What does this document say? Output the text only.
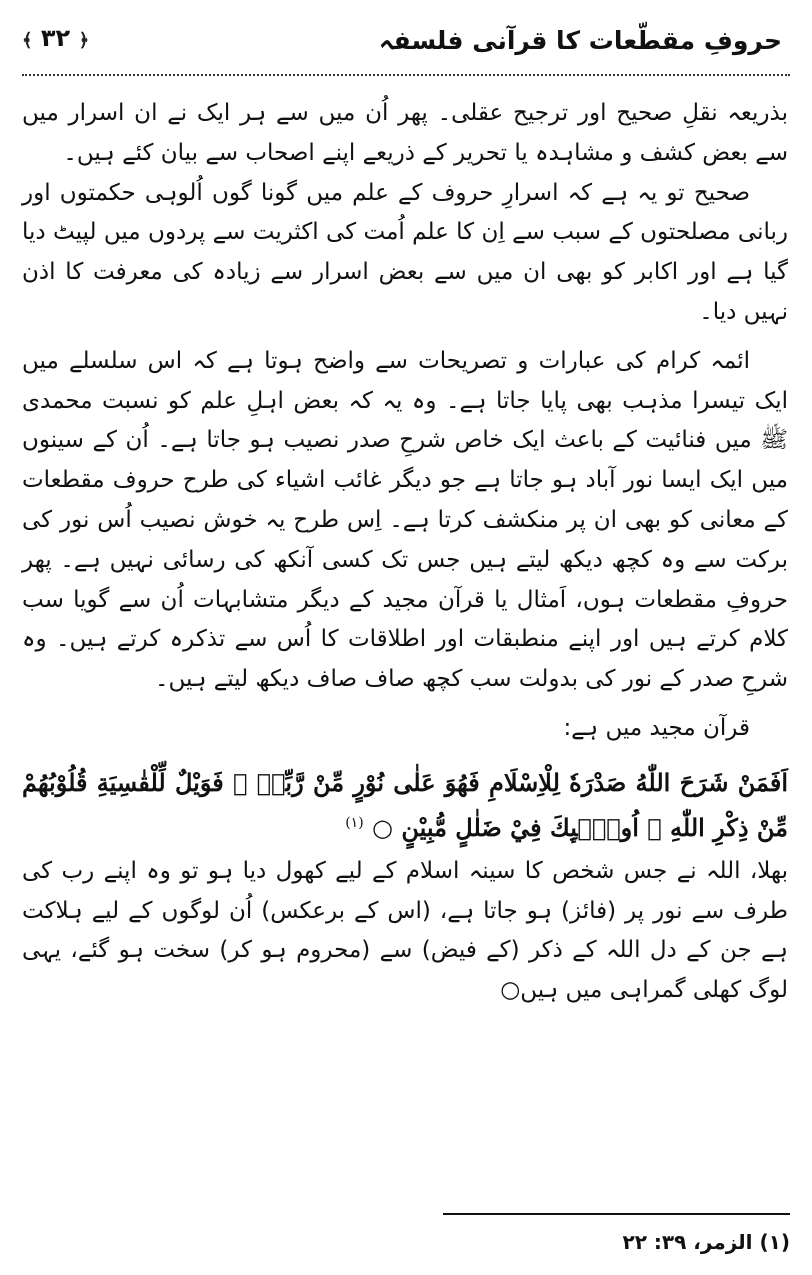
حروفِ مقطّعات کا قرآنی فلسفہ
﴿ ٣٢ ﴾

بذریعہ نقلِ صحیح اور ترجیح عقلی۔ پھر اُن میں سے ہر ایک نے ان اسرار میں سے بعض کشف و مشاہدہ یا تحریر کے ذریعے اپنے اصحاب سے بیان کئے ہیں۔

صحیح تو یہ ہے کہ اسرارِ حروف کے علم میں گونا گوں اُلوہی حکمتوں اور ربانی مصلحتوں کے سبب سے اِن کا علم اُمت کی اکثریت سے پردوں میں لپیٹ دیا گیا ہے اور اکابر کو بھی ان میں سے بعض اسرار سے زیادہ کی معرفت کا اذن نہیں دیا۔

ائمہ کرام کی عبارات و تصریحات سے واضح ہوتا ہے کہ اس سلسلے میں ایک تیسرا مذہب بھی پایا جاتا ہے۔ وہ یہ کہ بعض اہلِ علم کو نسبت محمدی ﷺ میں فنائیت کے باعث ایک خاص شرحِ صدر نصیب ہو جاتا ہے۔ اُن کے سینوں میں ایک ایسا نور آباد ہو جاتا ہے جو دیگر غائب اشیاء کی طرح حروف مقطعات کے معانی کو بھی ان پر منکشف کرتا ہے۔ اِس طرح یہ خوش نصیب اُس نور کی برکت سے وہ کچھ دیکھ لیتے ہیں جس تک کسی آنکھ کی رسائی نہیں ہے۔ پھر حروفِ مقطعات ہوں، اَمثال یا قرآن مجید کے دیگر متشابہات اُن سے گویا سب کلام کرتے ہیں اور اپنے منطبقات اور اطلاقات کا اُس سے تذکرہ کرتے ہیں۔ وہ شرحِ صدر کے نور کی بدولت سب کچھ صاف صاف دیکھ لیتے ہیں۔

قرآن مجید میں ہے:

اَفَمَنْ شَرَحَ اللّٰهُ صَدْرَهٗ لِلْاِسْلَامِ فَهُوَ عَلٰى نُوْرٍ مِّنْ رَّبِّهٖ ۭ فَوَيْلٌ لِّلْقٰسِيَةِ قُلُوْبُهُمْ مِّنْ ذِكْرِ اللّٰهِ ۭ اُولٰۗىِٕكَ فِيْ ضَلٰلٍ مُّبِيْنٍ ○ $^{(١)}$

بھلا، اللہ نے جس شخص کا سینہ اسلام کے لیے کھول دیا ہو تو وہ اپنے رب کی طرف سے نور پر (فائز) ہو جاتا ہے، (اس کے برعکس) اُن لوگوں کے لیے ہلاکت ہے جن کے دل اللہ کے ذکر (کے فیض) سے (محروم ہو کر) سخت ہو گئے، یہی لوگ کھلی گمراہی میں ہیں○

(١) الزمر، ٣٩: ٢٢
